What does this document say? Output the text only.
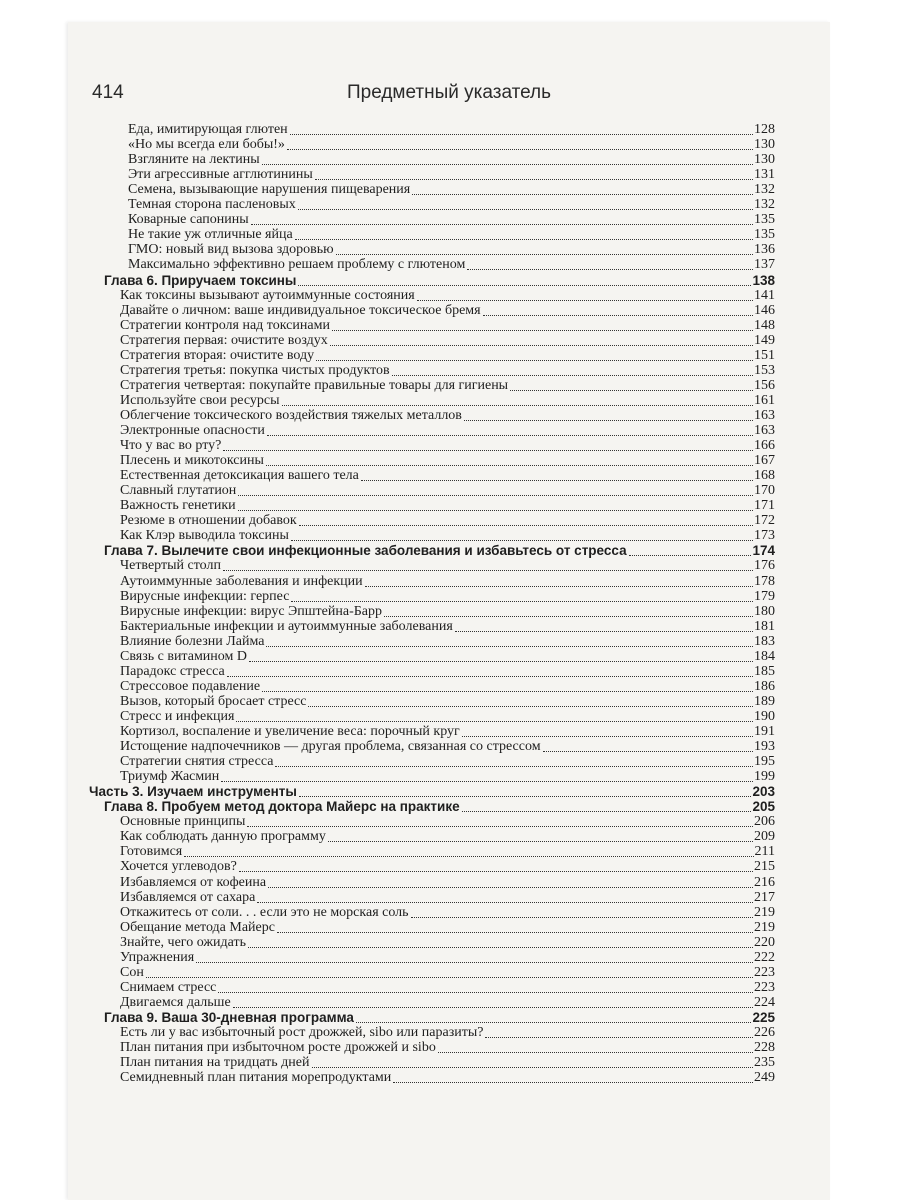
414	Предметный указатель
Еда, имитирующая глютен	128
«Но мы всегда ели бобы!»	130
Взгляните на лектины	130
Эти агрессивные агглютинины	131
Семена, вызывающие нарушения пищеварения	132
Темная сторона пасленовых	132
Коварные сапонины	135
Не такие уж отличные яйца	135
ГМО: новый вид вызова здоровью	136
Максимально эффективно решаем проблему с глютеном	137
Глава 6. Приручаем токсины	138
Как токсины вызывают аутоиммунные состояния	141
Давайте о личном: ваше индивидуальное токсическое бремя	146
Стратегии контроля над токсинами	148
Стратегия первая: очистите воздух	149
Стратегия вторая: очистите воду	151
Стратегия третья: покупка чистых продуктов	153
Стратегия четвертая: покупайте правильные товары для гигиены	156
Используйте свои ресурсы	161
Облегчение токсического воздействия тяжелых металлов	163
Электронные опасности	163
Что у вас во рту?	166
Плесень и микотоксины	167
Естественная детоксикация вашего тела	168
Славный глутатион	170
Важность генетики	171
Резюме в отношении добавок	172
Как Клэр выводила токсины	173
Глава 7. Вылечите свои инфекционные заболевания и избавьтесь от стресса	174
Четвертый столп	176
Аутоиммунные заболевания и инфекции	178
Вирусные инфекции: герпес	179
Вирусные инфекции: вирус Эпштейна-Барр	180
Бактериальные инфекции и аутоиммунные заболевания	181
Влияние болезни Лайма	183
Связь с витамином D	184
Парадокс стресса	185
Стрессовое подавление	186
Вызов, который бросает стресс	189
Стресс и инфекция	190
Кортизол, воспаление и увеличение веса: порочный круг	191
Истощение надпочечников — другая проблема, связанная со стрессом	193
Стратегии снятия стресса	195
Триумф Жасмин	199
Часть 3. Изучаем инструменты	203
Глава 8. Пробуем метод доктора Майерс на практике	205
Основные принципы	206
Как соблюдать данную программу	209
Готовимся	211
Хочется углеводов?	215
Избавляемся от кофеина	216
Избавляемся от сахара	217
Откажитесь от соли. . . если это не морская соль	219
Обещание метода Майерс	219
Знайте, чего ожидать	220
Упражнения	222
Сон	223
Снимаем стресс	223
Двигаемся дальше	224
Глава 9. Ваша 30-дневная программа	225
Есть ли у вас избыточный рост дрожжей, sibo или паразиты?	226
План питания при избыточном росте дрожжей и sibo	228
План питания на тридцать дней	235
Семидневный план питания морепродуктами	249
